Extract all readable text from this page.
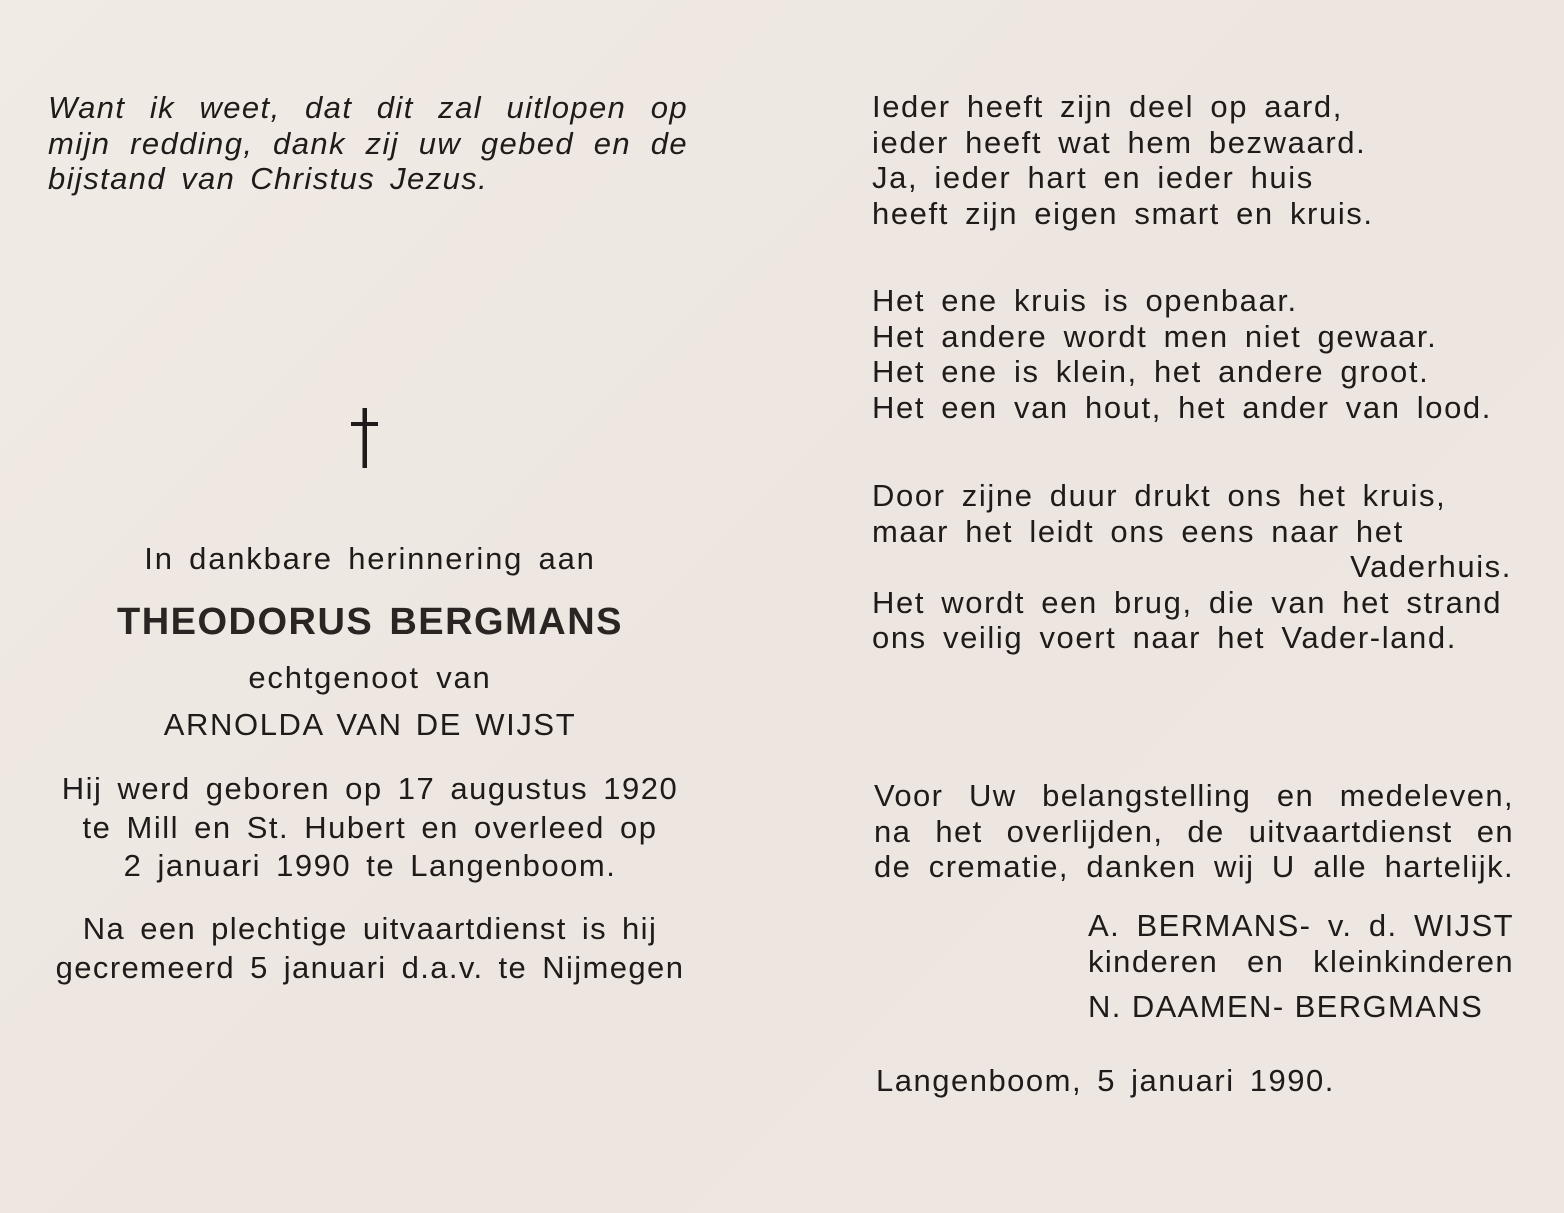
Want ik weet, dat dit zal uitlopen op
mijn redding, dank zij uw gebed en de
bijstand van Christus Jezus.
In dankbare herinnering aan
THEODORUS BERGMANS
echtgenoot van
ARNOLDA VAN DE WIJST
Hij werd geboren op 17 augustus 1920
te Mill en St. Hubert en overleed op
2 januari 1990 te Langenboom.
Na een plechtige uitvaartdienst is hij
gecremeerd 5 januari d.a.v. te Nijmegen
Ieder heeft zijn deel op aard,
ieder heeft wat hem bezwaard.
Ja, ieder hart en ieder huis
heeft zijn eigen smart en kruis.
Het ene kruis is openbaar.
Het andere wordt men niet gewaar.
Het ene is klein, het andere groot.
Het een van hout, het ander van lood.
Door zijne duur drukt ons het kruis,
maar het leidt ons eens naar het
Vaderhuis.
Het wordt een brug, die van het strand
ons veilig voert naar het Vader-land.
Voor Uw belangstelling en medeleven,
na het overlijden, de uitvaartdienst en
de crematie, danken wij U alle hartelijk.
A. BERMANS- v. d. WIJST
kinderen en kleinkinderen
N. DAAMEN- BERGMANS
Langenboom, 5 januari 1990.
